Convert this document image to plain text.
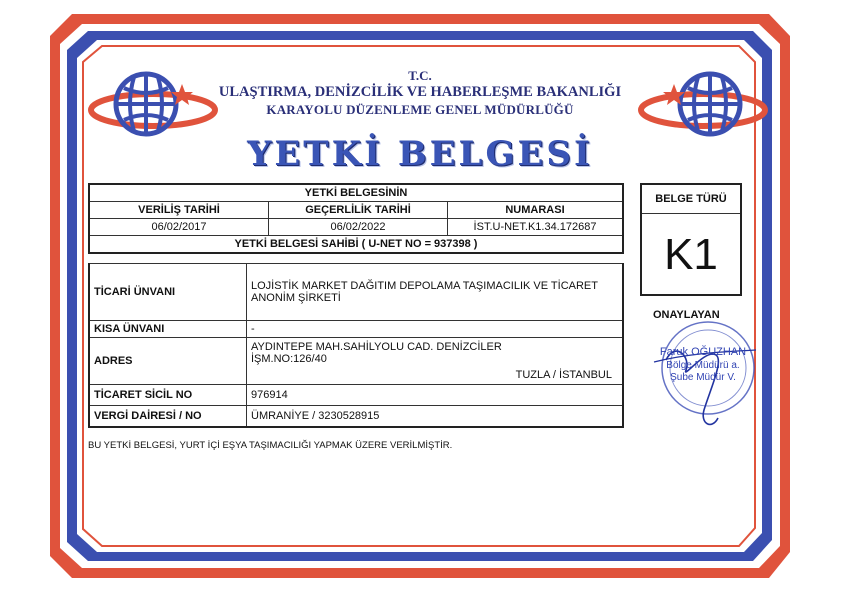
T.C.
ULAŞTIRMA, DENİZCİLİK VE HABERLEŞME BAKANLIĞI
KARAYOLU DÜZENLEME GENEL MÜDÜRLÜĞÜ
YETKİ BELGESİ
YETKİ BELGESİNİN		
VERİLİŞ TARİHİ	GEÇERLİLİK TARİHİ	NUMARASI
06/02/2017	06/02/2022	İST.U-NET.K1.34.172687
YETKİ BELGESİ SAHİBİ ( U-NET NO = 937398 )		
TİCARİ ÜNVANI	LOJİSTİK MARKET DAĞITIM DEPOLAMA TAŞIMACILIK VE TİCARET ANONİM ŞİRKETİ
KISA ÜNVANI	-
ADRES	AYDINTEPE MAH.SAHİLYOLU CAD. DENİZCİLER
İŞM.NO:126/40
TUZLA / İSTANBUL

TİCARET SİCİL NO	976914
VERGİ DAİRESİ / NO	ÜMRANİYE / 3230528915
BELGE TÜRÜ
K1
ONAYLAYAN
Faruk OĞUZHAN
Bölge Müdürü a.
Şube Müdür V.
BU YETKİ BELGESİ, YURT İÇİ EŞYA TAŞIMACILIĞI YAPMAK ÜZERE VERİLMİŞTİR.
